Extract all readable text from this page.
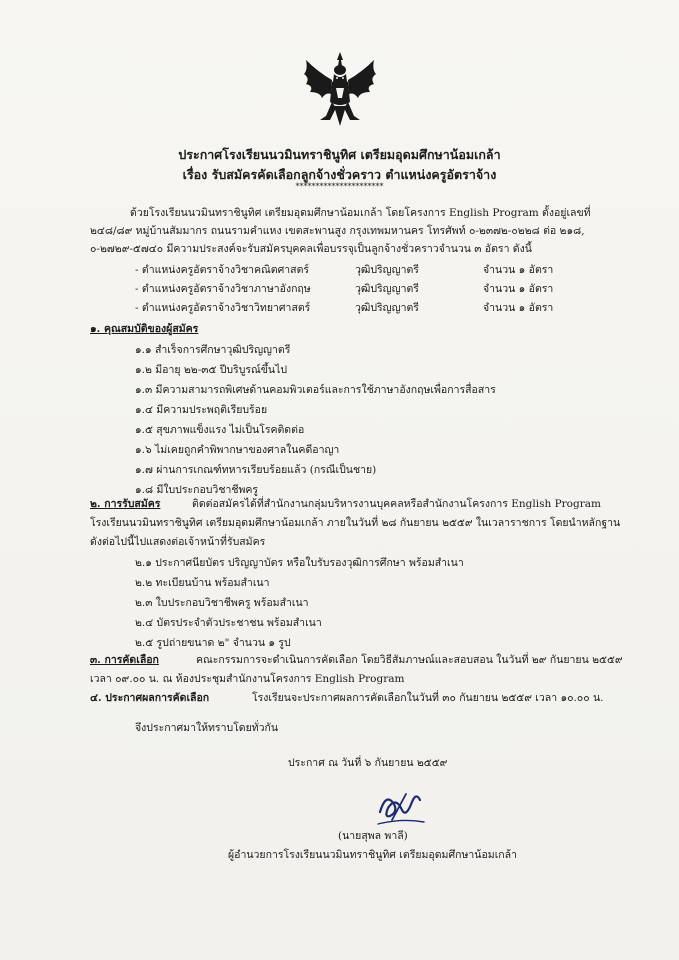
ประกาศโรงเรียนนวมินทราชินูทิศ เตรียมอุดมศึกษาน้อมเกล้า
เรื่อง รับสมัครคัดเลือกลูกจ้างชั่วคราว ตำแหน่งครูอัตราจ้าง
**********************
ด้วยโรงเรียนนวมินทราชินูทิศ เตรียมอุดมศึกษาน้อมเกล้า โดยโครงการ English Program ตั้งอยู่เลขที่
๒๔๘/๘๙ หมู่บ้านสัมมากร ถนนรามคำแหง เขตสะพานสูง กรุงเทพมหานคร โทรศัพท์ ๐-๒๓๗๒-๐๒๒๘ ต่อ ๒๑๘,
๐-๒๗๒๙-๕๗๔๐ มีความประสงค์จะรับสมัครบุคคลเพื่อบรรจุเป็นลูกจ้างชั่วคราวจำนวน ๓ อัตรา ดังนี้
- ตำแหน่งครูอัตราจ้างวิชาคณิตศาสตร์	วุฒิปริญญาตรี	จำนวน ๑ อัตรา
- ตำแหน่งครูอัตราจ้างวิชาภาษาอังกฤษ	วุฒิปริญญาตรี	จำนวน ๑ อัตรา
- ตำแหน่งครูอัตราจ้างวิชาวิทยาศาสตร์	วุฒิปริญญาตรี	จำนวน ๑ อัตรา
๑. คุณสมบัติของผู้สมัคร
๑.๑ สำเร็จการศึกษาวุฒิปริญญาตรี
๑.๒ มีอายุ ๒๒-๓๕ ปีบริบูรณ์ขึ้นไป
๑.๓ มีความสามารถพิเศษด้านคอมพิวเตอร์และการใช้ภาษาอังกฤษเพื่อการสื่อสาร
๑.๔ มีความประพฤติเรียบร้อย
๑.๕ สุขภาพแข็งแรง ไม่เป็นโรคติดต่อ
๑.๖ ไม่เคยถูกคำพิพากษาของศาลในคดีอาญา
๑.๗ ผ่านการเกณฑ์ทหารเรียบร้อยแล้ว (กรณีเป็นชาย)
๑.๘ มีใบประกอบวิชาชีพครู
๒. การรับสมัคร	ติดต่อสมัครได้ที่สำนักงานกลุ่มบริหารงานบุคคลหรือสำนักงานโครงการ English Program
โรงเรียนนวมินทราชินูทิศ เตรียมอุดมศึกษาน้อมเกล้า ภายในวันที่ ๒๘ กันยายน ๒๕๕๙ ในเวลาราชการ โดยนำหลักฐาน
ดังต่อไปนี้ไปแสดงต่อเจ้าหน้าที่รับสมัคร
๒.๑ ประกาศนียบัตร ปริญญาบัตร หรือใบรับรองวุฒิการศึกษา พร้อมสำเนา
๒.๒ ทะเบียนบ้าน พร้อมสำเนา
๒.๓ ใบประกอบวิชาชีพครู พร้อมสำเนา
๒.๔ บัตรประจำตัวประชาชน พร้อมสำเนา
๒.๕ รูปถ่ายขนาด ๒" จำนวน ๑ รูป
๓. การคัดเลือก	คณะกรรมการจะดำเนินการคัดเลือก โดยวิธีสัมภาษณ์และสอบสอน ในวันที่ ๒๙ กันยายน ๒๕๕๙
เวลา ๐๙.๐๐ น. ณ ห้องประชุมสำนักงานโครงการ English Program
๔. ประกาศผลการคัดเลือก	โรงเรียนจะประกาศผลการคัดเลือกในวันที่ ๓๐ กันยายน ๒๕๕๙ เวลา ๑๐.๐๐ น.
จึงประกาศมาให้ทราบโดยทั่วกัน
ประกาศ ณ วันที่ ๖ กันยายน ๒๕๕๙
(นายสุพล พาลี)
ผู้อำนวยการโรงเรียนนวมินทราชินูทิศ เตรียมอุดมศึกษาน้อมเกล้า
